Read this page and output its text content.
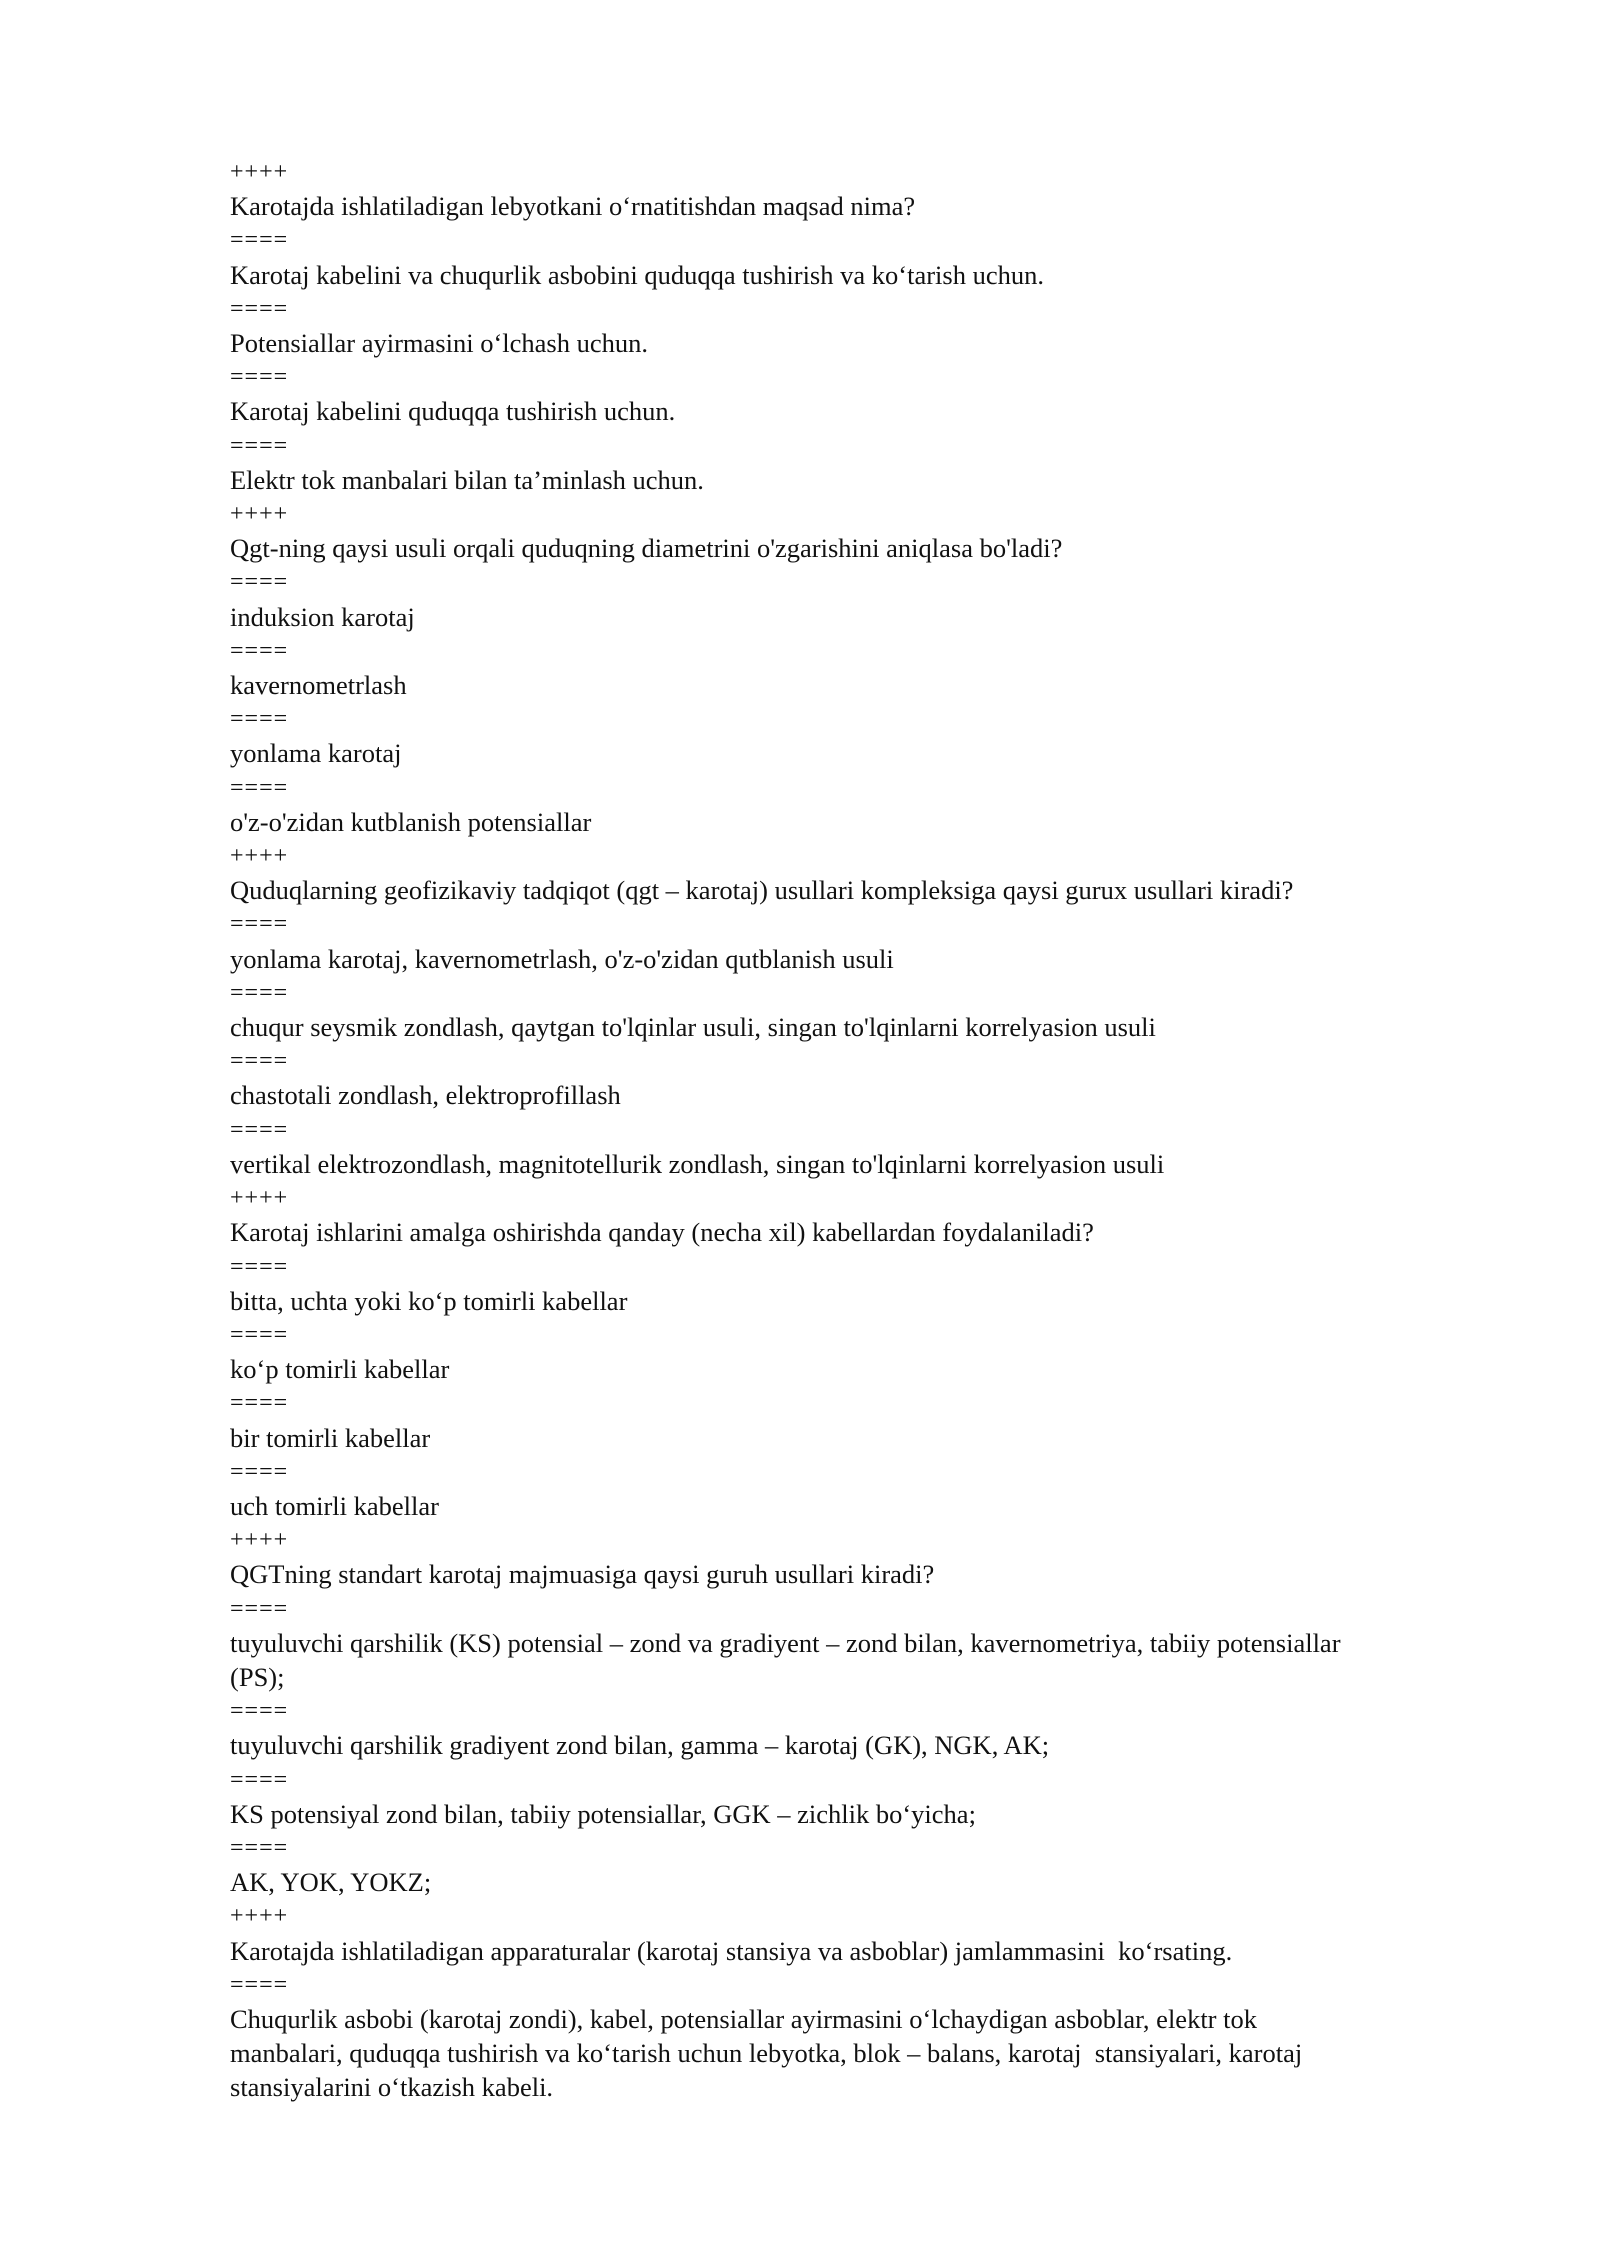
++++
Karotajda ishlatiladigan lebyotkani o‘rnatitishdan maqsad nima?
====
Karotaj kabelini va chuqurlik asbobini quduqqa tushirish va ko‘tarish uchun.
====
Potensiallar ayirmasini o‘lchash uchun.
====
Karotaj kabelini quduqqa tushirish uchun.
====
Elektr tok manbalari bilan ta’minlash uchun.
++++
Qgt-ning qaysi usuli orqali quduqning diametrini o'zgarishini aniqlasa bo'ladi?
====
induksion karotaj
====
kavernometrlash
====
yonlama karotaj
====
o'z-o'zidan kutblanish potensiallar
++++
Quduqlarning geofizikaviy tadqiqot (qgt – karotaj) usullari kompleksiga qaysi gurux usullari kiradi?
====
yonlama karotaj, kavernometrlash, o'z-o'zidan qutblanish usuli
====
chuqur seysmik zondlash, qaytgan to'lqinlar usuli, singan to'lqinlarni korrelyasion usuli
====
chastotali zondlash, elektroprofillash
====
vertikal elektrozondlash, magnitotellurik zondlash, singan to'lqinlarni korrelyasion usuli
++++
Karotaj ishlarini amalga oshirishda qanday (necha xil) kabellardan foydalaniladi?
====
bitta, uchta yoki ko‘p tomirli kabellar
====
ko‘p tomirli kabellar
====
bir tomirli kabellar
====
uch tomirli kabellar
++++
QGTning standart karotaj majmuasiga qaysi guruh usullari kiradi?
====
tuyuluvchi qarshilik (KS) potensial – zond va gradiyent – zond bilan, kavernometriya, tabiiy potensiallar
(PS);
====
tuyuluvchi qarshilik gradiyent zond bilan, gamma – karotaj (GK), NGK, AK;
====
KS potensiyal zond bilan, tabiiy potensiallar, GGK – zichlik bo‘yicha;
====
AK, YOK, YOKZ;
++++
Karotajda ishlatiladigan apparaturalar (karotaj stansiya va asboblar) jamlammasini  ko‘rsating.
====
Chuqurlik asbobi (karotaj zondi), kabel, potensiallar ayirmasini o‘lchaydigan asboblar, elektr tok
manbalari, quduqqa tushirish va ko‘tarish uchun lebyotka, blok – balans, karotaj  stansiyalari, karotaj
stansiyalarini o‘tkazish kabeli.
